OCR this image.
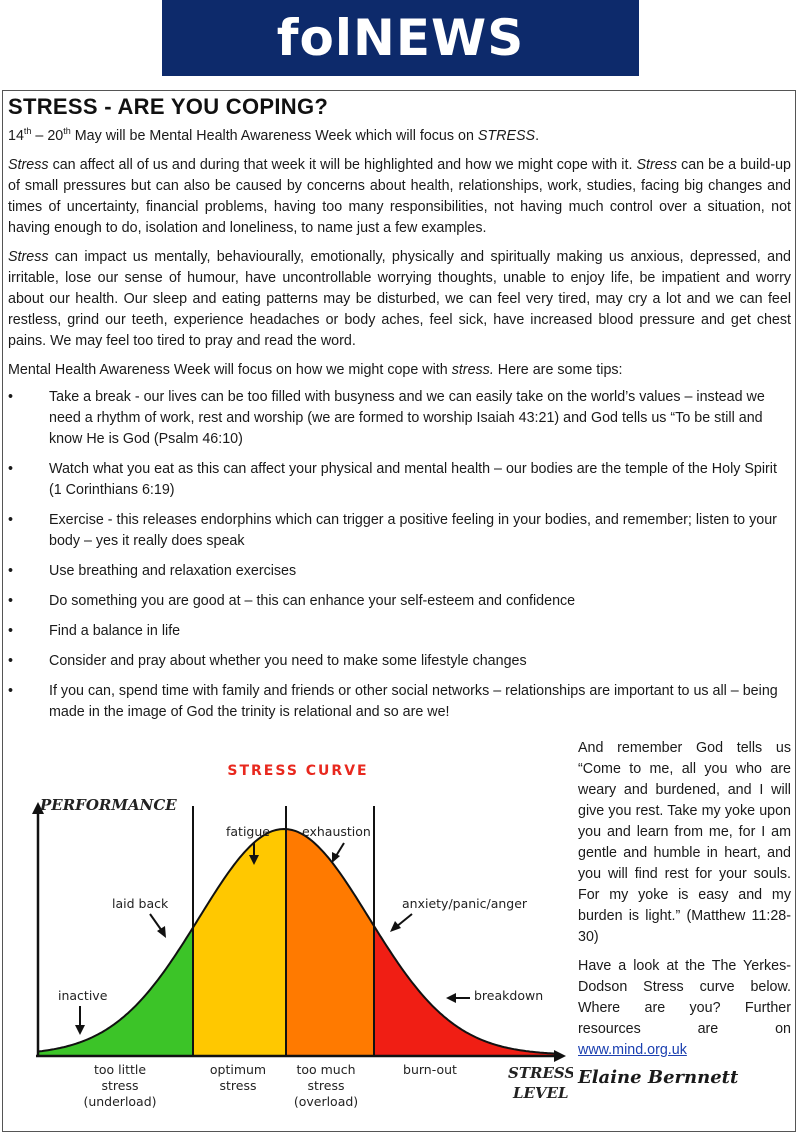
folNEWS
STRESS - ARE YOU COPING?

14th – 20th May will be Mental Health Awareness Week which will focus on STRESS.

Stress can affect all of us and during that week it will be highlighted and how we might cope with it. Stress can be a build-up of small pressures but can also be caused by concerns about health, relationships, work, studies, facing big changes and times of uncertainty, financial problems, having too many responsibilities, not having much control over a situation, not having enough to do, isolation and loneliness, to name just a few examples.

Stress can impact us mentally, behaviourally, emotionally, physically and spiritually making us anxious, depressed, and irritable, lose our sense of humour, have uncontrollable worrying thoughts, unable to enjoy life, be impatient and worry about our health. Our sleep and eating patterns may be disturbed, we can feel very tired, may cry a lot and we can feel restless, grind our teeth, experience headaches or body aches, feel sick, have increased blood pressure and get chest pains. We may feel too tired to pray and read the word.

Mental Health Awareness Week will focus on how we might cope with stress. Here are some tips:

•	Take a break - our lives can be too filled with busyness and we can easily take on the world’s values – instead we need a rhythm of work, rest and worship (we are formed to worship Isaiah 43:21) and God tells us “To be still and know He is God (Psalm 46:10)
•	Watch what you eat as this can affect your physical and mental health – our bodies are the temple of the Holy Spirit (1 Corinthians 6:19)
•	Exercise - this releases endorphins which can trigger a positive feeling in your bodies, and remember; listen to your body – yes it really does speak
•	Use breathing and relaxation exercises
•	Do something you are good at – this can enhance your self-esteem and confidence
•	Find a balance in life
•	Consider and pray about whether you need to make some lifestyle changes
•	If you can, spend time with family and friends or other social networks – relationships are important to us all – being made in the image of God the trinity is relational and so are we!
STRESS CURVE
PERFORMANCE
STRESS
LEVEL
too little
stress
(underload)
optimum
stress
too much
stress
(overload)
burn-out
inactive
laid back
fatigue	exhaustion
anxiety/panic/anger
breakdown

And remember God tells us “Come to me, all you who are weary and burdened, and I will give you rest. Take my yoke upon you and learn from me, for I am gentle and humble in heart, and you will find rest for your souls. For my yoke is easy and my burden is light.” (Matthew 11:28-30)

Have a look at the The Yerkes-Dodson Stress curve below. Where are you? Further resources are on www.mind.org.uk

Elaine Bernnett
